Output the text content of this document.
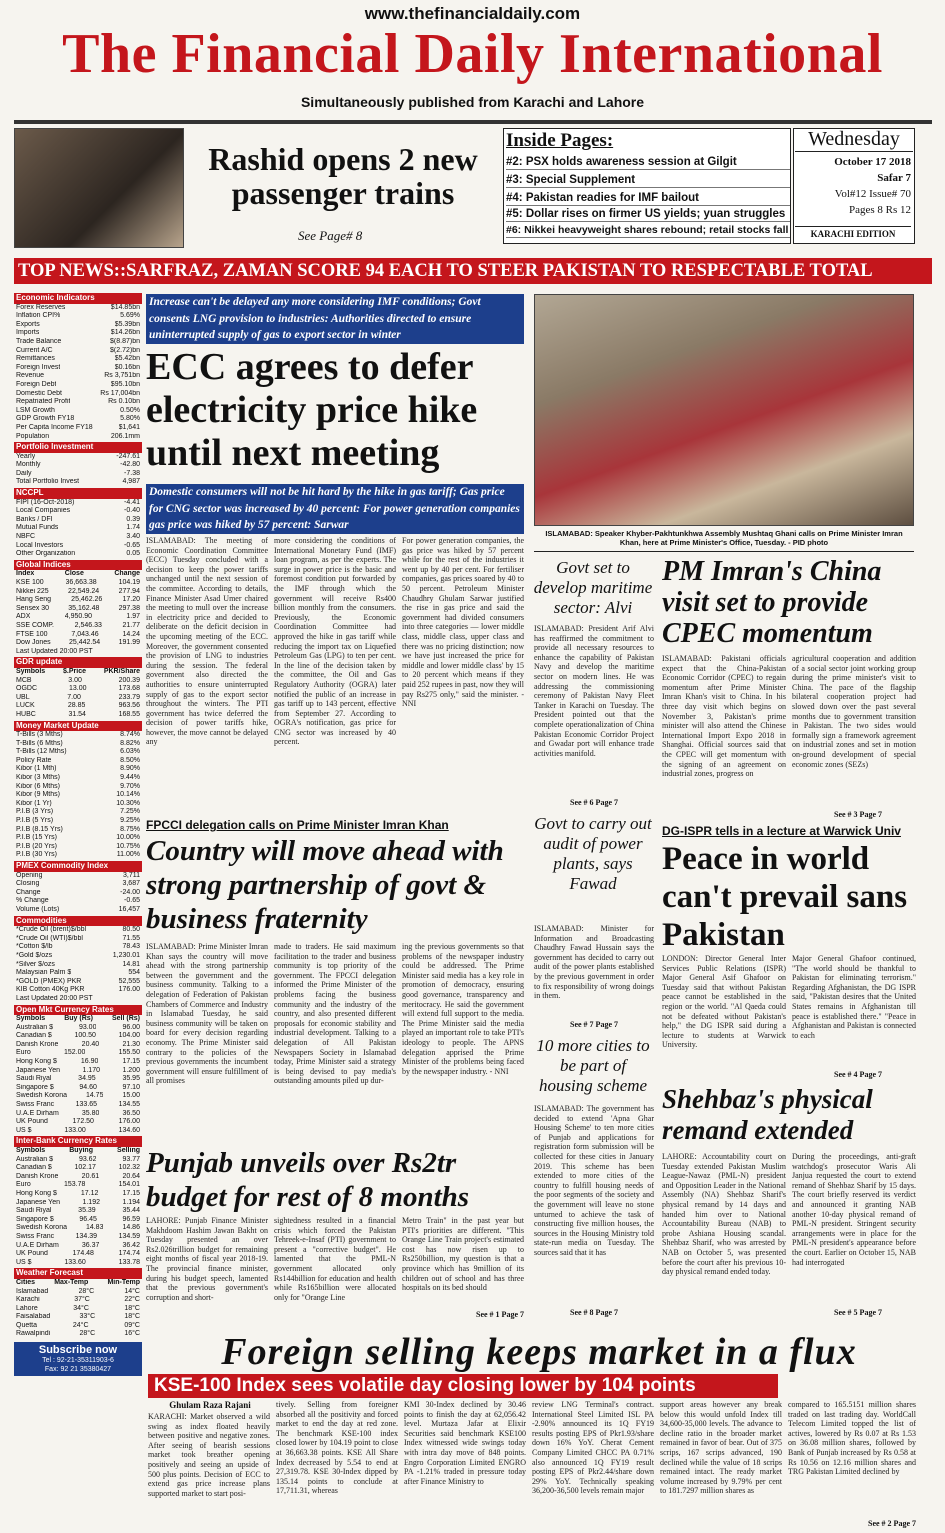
www.thefinancialdaily.com
The Financial Daily International
Simultaneously published from Karachi and Lahore
Rashid opens 2 new passenger trains
See Page# 8
Inside Pages:
#2: PSX holds awareness session at Gilgit
#3: Special Supplement
#4: Pakistan readies for IMF bailout
#5: Dollar rises on firmer US yields; yuan struggles
#6: Nikkei heavyweight shares rebound; retail stocks fall
Wednesday
October 17 2018
Safar 7
Vol#12 Issue# 70
Pages 8 Rs 12
KARACHI EDITION
TOP NEWS::SARFRAZ, ZAMAN SCORE 94 EACH TO STEER PAKISTAN TO RESPECTABLE TOTAL
Economic Indicators
Forex Reserves	$14.85bn
Inflation CPI%	5.69%
Exports	$5.39bn
Imports	$14.26bn
Trade Balance	$(8.87)bn
Current A/C	$(2.72)bn
Remittances	$5.42bn
Foreign Invest	$0.16bn
Revenue	Rs 3,751bn
Foreign Debt	$95.10bn
Domestic Debt	Rs 17,004bn
Repatriated Profit	Rs 0.10bn
LSM Growth	0.50%
GDP Growth FY18	5.80%
Per Capita Income FY18	$1,641
Population	206.1mm
Portfolio Investment
Yearly	-247.61
Monthly	-42.80
Daily	-7.38
Total Portfolio Invest	4,987
NCCPL
FIPI (16-Oct-2018)	-4.41
Local Companies	-0.40
Banks / DFI	0.39
Mutual Funds	1.74
NBFC	3.40
Local Investors	-0.65
Other Organization	0.05
Global Indices
Index	Close	Change
KSE 100	36,663.38	104.19
Nikkei 225	22,549.24	277.94
Hang Seng	25,462.26	17.20
Sensex 30	35,162.48	297.38
ADX	4,950.90	1.97
SSE COMP.	2,546.33	21.77
FTSE 100	7,043.46	14.24
Dow Jones	25,442.54	191.99
Last Updated 20:00 PST
GDR update
Symbols	$.Price	PKR/Share
MCB	3.00	200.39
OGDC	13.00	173.68
UBL	7.00	233.79
LUCK	28.85	963.56
HUBC	31.54	168.55
Money Market Update
T-Bills (3 Mths)	8.74%
T-Bills (6 Mths)	8.82%
T-Bills (12 Mths)	6.03%
Policy Rate	8.50%
Kibor (1 Mth)	8.90%
Kibor (3 Mths)	9.44%
Kibor (6 Mths)	9.70%
Kibor (9 Mths)	10.14%
Kibor (1 Yr)	10.30%
P.I.B (3 Yrs)	7.25%
P.I.B (5 Yrs)	9.25%
P.I.B (8.15 Yrs)	8.75%
P.I.B (15 Yrs)	10.00%
P.I.B (20 Yrs)	10.75%
P.I.B (30 Yrs)	11.00%
PMEX Commodity Index
Opening	3,711
Closing	3,687
Change	-24.00
% Change	-0.65
Volume (Lots)	16,457
Commodities
*Crude Oil (brent)$/bbl	80.50
*Crude Oil (WTI)$/bbl	71.55
*Cotton $/lb	78.43
*Gold $/ozs	1,230.01
*Silver $/ozs	14.81
Malaysian Palm $	554
*GOLD (PMEX) PKR	52,555
KIB Cotton 40Kg PKR	176.00
Last Updated 20:00 PST
Open Mkt Currency Rates
Symbols	Buy (Rs)	Sell (Rs)
Australian $	93.00	96.00
Canadian $	100.50	104.00
Danish Krone	20.40	21.30
Euro	152.00	155.50
Hong Kong $	16.90	17.15
Japanese Yen	1.170	1.200
Saudi Riyal	34.95	35.95
Singapore $	94.60	97.10
Swedish Korona	14.75	15.00
Swiss Franc	133.65	134.55
U.A.E Dirham	35.80	36.50
UK Pound	172.50	176.00
US $	133.00	134.60
Inter-Bank Currency Rates
Symbols	Buying	Selling
Australian $	93.62	93.77
Canadian $	102.17	102.32
Danish Krone	20.61	20.64
Euro	153.78	154.01
Hong Kong $	17.12	17.15
Japanese Yen	1.192	1.194
Saudi Riyal	35.39	35.44
Singapore $	96.45	96.59
Swedish Korona	14.83	14.86
Swiss Franc	134.39	134.59
U.A.E Dirham	36.37	36.42
UK Pound	174.48	174.74
US $	133.60	133.78
Weather Forecast
Cities	Max-Temp	Min-Temp
Islamabad	28°C	14°C
Karachi	37°C	22°C
Lahore	34°C	18°C
Faisalabad	33°C	18°C
Quetta	24°C	09°C
Rawalpindi	28°C	16°C
Subscribe now
Tel : 92-21-35311903-6
Fax: 92 21 35380427
Increase can't be delayed any more considering IMF conditions; Govt consents LNG provision to industries: Authorities directed to ensure uninterrupted supply of gas to export sector in winter
ECC agrees to defer electricity price hike until next meeting
Domestic consumers will not be hit hard by the hike in gas tariff; Gas price for CNG sector was increased by 40 percent: For power generation companies gas price was hiked by 57 percent: Sarwar
ISLAMABAD: The meeting of Economic Coordination Committee (ECC) Tuesday concluded with a decision to keep the power tariffs unchanged until the next session of the committee. According to details, Finance Minister Asad Umer chaired the meeting to mull over the increase in electricity price and decided to deliberate on the deficit decision in the upcoming meeting of the ECC. Moreover, the government consented the provision of LNG to industries during the session. The federal government also directed the authorities to ensure uninterrupted supply of gas to the export sector throughout the winters. The PTI government has twice deferred the decision of power tariffs hike, however, the move cannot be delayed any
more considering the conditions of International Monetary Fund (IMF) loan program, as per the experts. The surge in power price is the basic and foremost condition put forwarded by the IMF through which the government will receive Rs400 billion monthly from the consumers. Previously, the Economic Coordination Committee had approved the hike in gas tariff while reducing the import tax on Liquefied Petroleum Gas (LPG) to ten per cent. In the line of the decision taken by the committee, the Oil and Gas Regulatory Authority (OGRA) later notified the public of an increase in gas tariff up to 143 percent, effective from September 27. According to OGRA's notification, gas price for CNG sector was increased by 40 percent.
For power generation companies, the gas price was hiked by 57 percent while for the rest of the industries it went up by 40 per cent. For fertiliser companies, gas prices soared by 40 to 50 percent. Petroleum Minister Chaudhry Ghulam Sarwar justified the rise in gas price and said the government had divided consumers into three categories — lower middle class, middle class, upper class and there was no pricing distinction; now we have just increased the price for middle and lower middle class' by 15 to 20 percent which means if they paid 252 rupees in past, now they will pay Rs275 only," said the minister. - NNI
ISLAMABAD: Speaker Khyber-Pakhtunkhwa Assembly Mushtaq Ghani calls on Prime Minister Imran Khan, here at Prime Minister's Office, Tuesday. - PID photo
FPCCI delegation calls on Prime Minister Imran Khan
Country will move ahead with strong partnership of govt & business fraternity
ISLAMABAD: Prime Minister Imran Khan says the country will move ahead with the strong partnership between the government and the business community. Talking to a delegation of Federation of Pakistan Chambers of Commerce and Industry in Islamabad Tuesday, he said business community will be taken on board for every decision regarding economy. The Prime Minister said contrary to the policies of the previous governments the incumbent government will ensure fulfillment of all promises
made to traders. He said maximum facilitation to the trader and business community is top priority of the government. The FPCCI delegation informed the Prime Minister of the problems facing the business community and the industry of the country, and also presented different proposals for economic stability and industrial development. Talking to a delegation of All Pakistan Newspapers Society in Islamabad today, Prime Minister said a strategy is being devised to pay media's outstanding amounts piled up dur-
ing the previous governments so that problems of the newspaper industry could be addressed. The Prime Minister said media has a key role in promotion of democracy, ensuring good governance, transparency and meritocracy. He said the government will extend full support to the media. The Prime Minister said the media played an important role to take PTI's ideology to people. The APNS delegation apprised the Prime Minister of the problems being faced by the newspaper industry. - NNI
Punjab unveils over Rs2tr budget for rest of 8 months
LAHORE: Punjab Finance Minister Makhdoom Hashim Jawan Bakht on Tuesday presented an over Rs2.026trillion budget for remaining eight months of fiscal year 2018-19. The provincial finance minister, during his budget speech, lamented that the previous government's corruption and short-
sightedness resulted in a financial crisis which forced the Pakistan Tehreek-e-Insaf (PTI) government to present a "corrective budget". He lamented that the PML-N government allocated only Rs144billion for education and health while Rs165billion were allocated only for "Orange Line
Metro Train" in the past year but PTI's priorities are different. "This Orange Line Train project's estimated cost has now risen up to Rs250billion, my question is that a province which has 9million of its children out of school and has three hospitals on its bed should
See # 1 Page 7
Govt set to develop maritime sector: Alvi
ISLAMABAD: President Arif Alvi has reaffirmed the commitment to provide all necessary resources to enhance the capability of Pakistan Navy and develop the maritime sector on modern lines. He was addressing the commissioning ceremony of Pakistan Navy Fleet Tanker in Karachi on Tuesday. The President pointed out that the complete operationalization of China Pakistan Economic Corridor Project and Gwadar port will enhance trade activities manifold.
See # 6 Page 7
Govt to carry out audit of power plants, says Fawad
ISLAMABAD: Minister for Information and Broadcasting Chaudhry Fawad Hussain says the government has decided to carry out audit of the power plants established by the previous government in order to fix responsibility of wrong doings in them.
See # 7 Page 7
10 more cities to be part of housing scheme
ISLAMABAD: The government has decided to extend 'Apna Ghar Housing Scheme' to ten more cities of Punjab and applications for registration form submission will be collected for these cities in January 2019. This scheme has been extended to more cities of the country to fulfill housing needs of the poor segments of the society and the government will leave no stone unturned to achieve the task of constructing five million houses, the sources in the Housing Ministry told state-run media on Tuesday. The sources said that it has
See # 8 Page 7
PM Imran's China visit set to provide CPEC momentum
ISLAMABAD: Pakistani officials expect that the China-Pakistan Economic Corridor (CPEC) to regain momentum after Prime Minister Imran Khan's visit to China. In his three day visit which begins on November 3, Pakistan's prime minister will also attend the Chinese International Import Expo 2018 in Shanghai. Official sources said that the CPEC will get momentum with the signing of an agreement on industrial zones, progress on
agricultural cooperation and addition of a social sector joint working group during the prime minister's visit to China. The pace of the flagship bilateral cooperation project had slowed down over the past several months due to government transition in Pakistan. The two sides would formally sign a framework agreement on industrial zones and set in motion on-ground development of special economic zones (SEZs)
See # 3 Page 7
DG-ISPR tells in a lecture at Warwick Univ
Peace in world can't prevail sans Pakistan
LONDON: Director General Inter Services Public Relations (ISPR) Major General Asif Ghafoor on Tuesday said that without Pakistan peace cannot be established in the region or the world. "Al Qaeda could not be defeated without Pakistan's help," the DG ISPR said during a lecture to students at Warwick University.
Major General Ghafoor continued, "The world should be thankful to Pakistan for eliminating terrorism." Regarding Afghanistan, the DG ISPR said, "Pakistan desires that the United States remains in Afghanistan till peace is established there." "Peace in Afghanistan and Pakistan is connected to each
See # 4 Page 7
Shehbaz's physical remand extended
LAHORE: Accountability court on Tuesday extended Pakistan Muslim League-Nawaz (PML-N) president and Opposition Leader in the National Assembly (NA) Shehbaz Sharif's physical remand by 14 days and handed him over to National Accountability Bureau (NAB) to probe Ashiana Housing scandal. Shehbaz Sharif, who was arrested by NAB on October 5, was presented before the court after his previous 10-day physical remand ended today.
During the proceedings, anti-graft watchdog's prosecutor Waris Ali Janjua requested the court to extend remand of Shehbaz Sharif by 15 days. The court briefly reserved its verdict and announced it granting NAB another 10-day physical remand of PML-N president. Stringent security arrangements were in place for the PML-N president's appearance before the court. Earlier on October 15, NAB had interrogated
See # 5 Page 7
Foreign selling keeps market in a flux
KSE-100 Index sees volatile day closing lower by 104 points
Ghulam Raza Rajani
KARACHI: Market observed a wild swing as index floated heavily between positive and negative zones. After seeing of bearish sessions market took breather opening positively and seeing an upside of 500 plus points. Decision of ECC to extend gas price increase plans supported market to start posi-
tively. Selling from foreigner absorbed all the positivity and forced market to end the day at red zone. The benchmark KSE-100 index closed lower by 104.19 point to close at 36,663.38 points. KSE All Share Index decreased by 5.54 to end at 27,319.78. KSE 30-Index dipped by 135.14 points to conclude at 17,711.31, whereas
KMI 30-Index declined by 30.46 points to finish the day at 62,056.42 level. Murtaza Jafar at Elixir Securities said benchmark KSE100 Index witnessed wide swings today with intra day move of 848 points. Engro Corporation Limited ENGRO PA -1.21% traded in pressure today after Finance Ministry to
review LNG Terminal's contract. International Steel Limited ISL PA -2.90% announced its 1Q FY19 results posting EPS of Pkr1.93/share down 16% YoY. Cherat Cement Company Limited CHCC PA 0.71% also announced 1Q FY19 result posting EPS of Pkr2.44/share down 29% YoY. Technically speaking 36,200-36,500 levels remain major
support areas however any break below this would unfold Index till 34,600-35,000 levels. The advance to decline ratio in the broader market remained in favor of bear. Out of 375 scrips, 167 scrips advanced, 190 declined while the value of 18 scrips remained intact. The ready market volume increased by 9.79% per cent to 181.7297 million shares as
compared to 165.5151 million shares traded on last trading day. WorldCall Telecom Limited topped the list of actives, lowered by Rs 0.07 at Rs 1.53 on 36.08 million shares, followed by Bank of Punjab increased by Rs 0.58 at Rs 10.56 on 12.16 million shares and TRG Pakistan Limited declined by
See # 2 Page 7
